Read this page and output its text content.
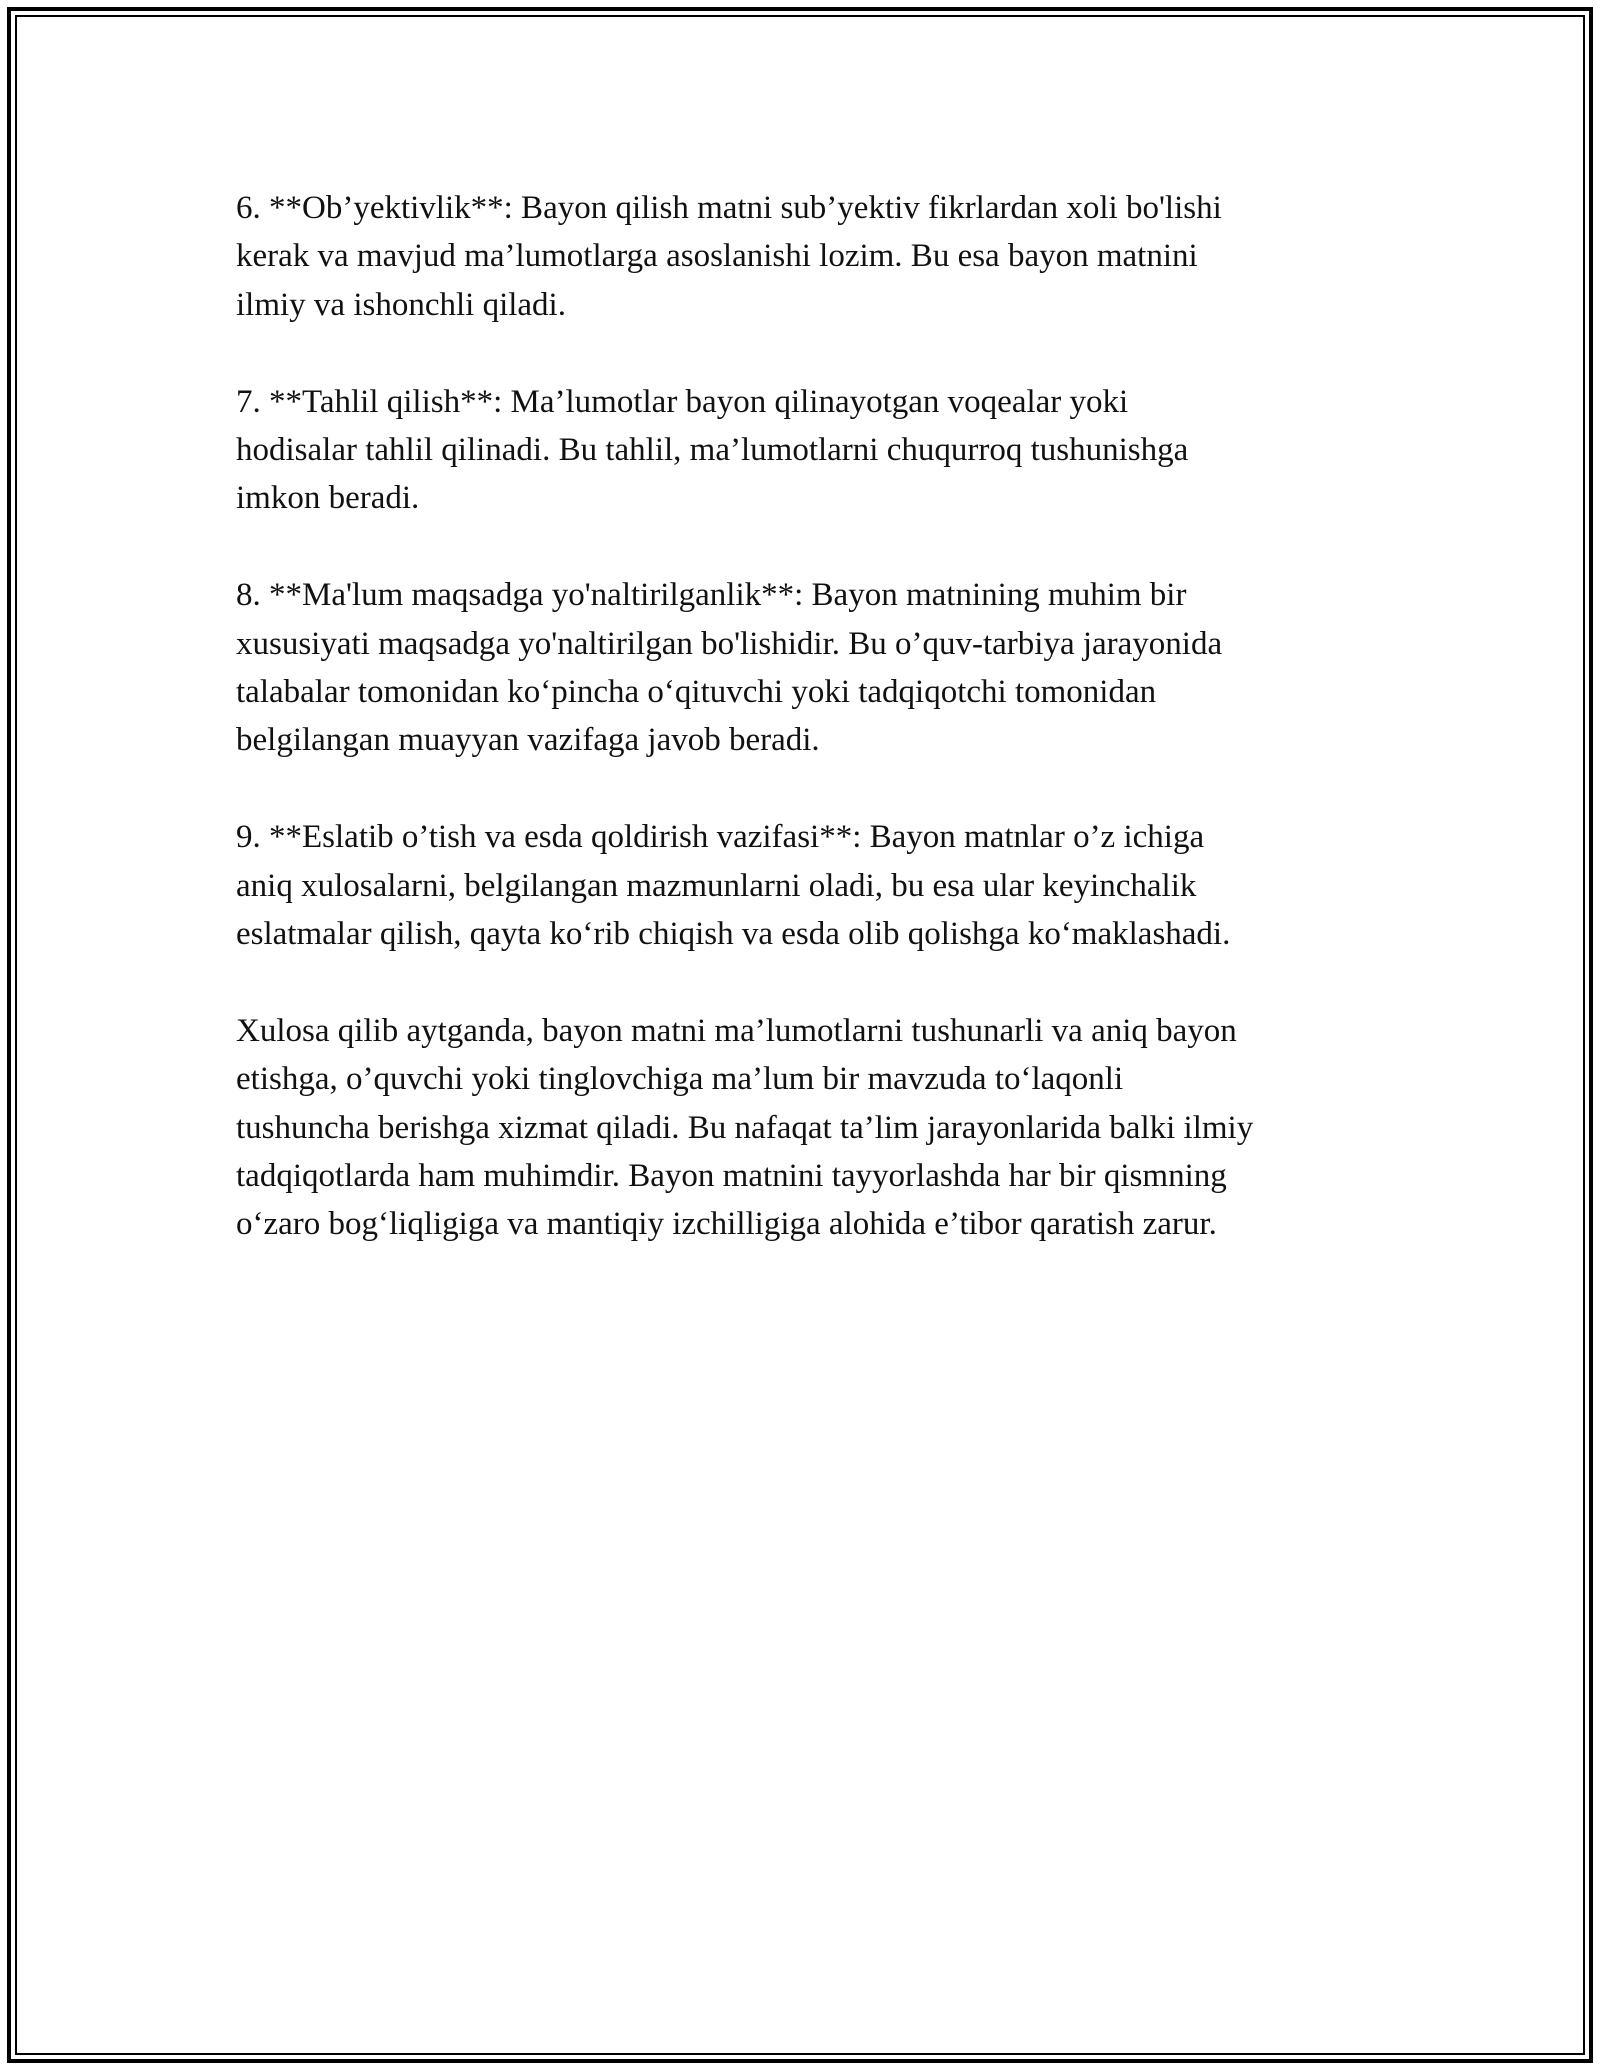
6. **Ob’yektivlik**: Bayon qilish matni sub’yektiv fikrlardan xoli bo'lishi
kerak va mavjud ma’lumotlarga asoslanishi lozim. Bu esa bayon matnini
ilmiy va ishonchli qiladi.

7. **Tahlil qilish**: Ma’lumotlar bayon qilinayotgan voqealar yoki
hodisalar tahlil qilinadi. Bu tahlil, ma’lumotlarni chuqurroq tushunishga
imkon beradi.

8. **Ma'lum maqsadga yo'naltirilganlik**: Bayon matnining muhim bir
xususiyati maqsadga yo'naltirilgan bo'lishidir. Bu o’quv-tarbiya jarayonida
talabalar tomonidan ko‘pincha o‘qituvchi yoki tadqiqotchi tomonidan
belgilangan muayyan vazifaga javob beradi.

9. **Eslatib o’tish va esda qoldirish vazifasi**: Bayon matnlar o’z ichiga
aniq xulosalarni, belgilangan mazmunlarni oladi, bu esa ular keyinchalik
eslatmalar qilish, qayta ko‘rib chiqish va esda olib qolishga ko‘maklashadi.

Xulosa qilib aytganda, bayon matni ma’lumotlarni tushunarli va aniq bayon
etishga, o’quvchi yoki tinglovchiga ma’lum bir mavzuda to‘laqonli
tushuncha berishga xizmat qiladi. Bu nafaqat ta’lim jarayonlarida balki ilmiy
tadqiqotlarda ham muhimdir. Bayon matnini tayyorlashda har bir qismning
o‘zaro bog‘liqligiga va mantiqiy izchilligiga alohida e’tibor qaratish zarur.
